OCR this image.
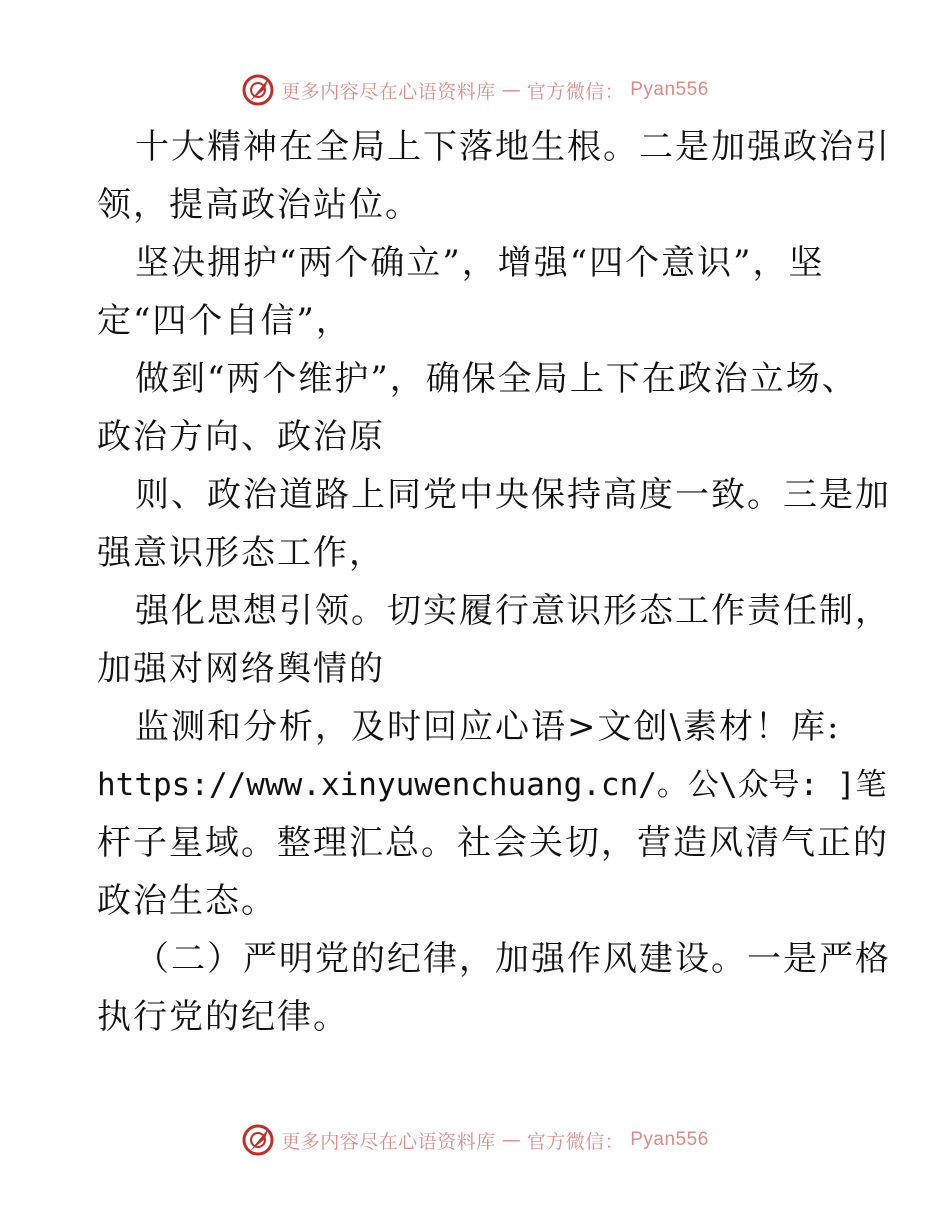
更多内容尽在心语资料库 — 官方微信： Pyan556
十大精神在全局上下落地生根。二是加强政治引
领，提高政治站位。
坚决拥护“两个确立”，增强“四个意识”，坚
定“四个自信”，
做到“两个维护”，确保全局上下在政治立场、
政治方向、政治原
则、政治道路上同党中央保持高度一致。三是加
强意识形态工作，
强化思想引领。切实履行意识形态工作责任制，
加强对网络舆情的
监测和分析，及时回应心语>文创\素材！库:
https://www.xinyuwenchuang.cn/。公\众号: ]笔
杆子星域。整理汇总。社会关切，营造风清气正的
政治生态。
（二）严明党的纪律，加强作风建设。一是严格
执行党的纪律。
更多内容尽在心语资料库 — 官方微信： Pyan556
